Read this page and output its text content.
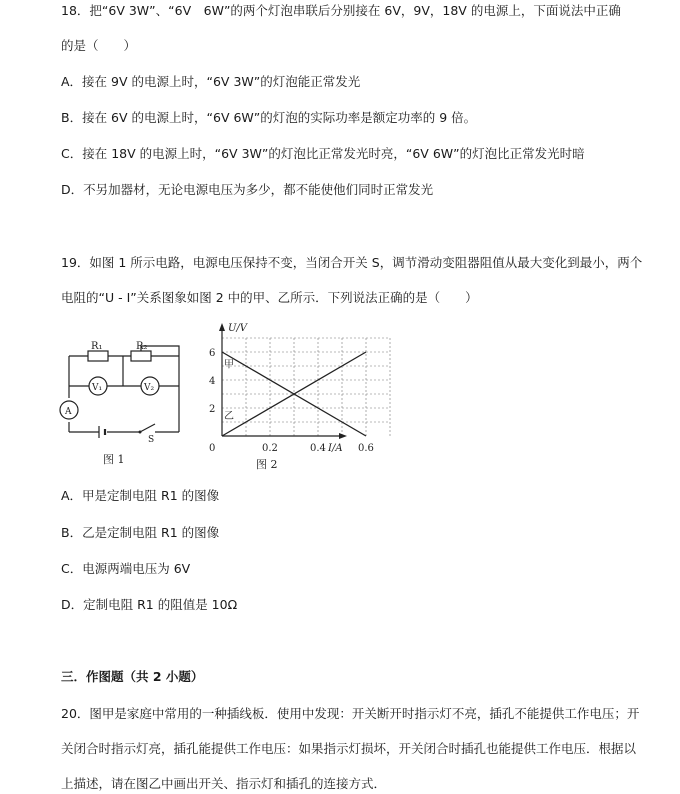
18．把“6V 3W”、“6V　6W”的两个灯泡串联后分别接在 6V，9V，18V 的电源上，下面说法中正确
的是（　　）
A．接在 9V 的电源上时，“6V 3W”的灯泡能正常发光
B．接在 6V 的电源上时，“6V 6W”的灯泡的实际功率是额定功率的 9 倍。
C．接在 18V 的电源上时，“6V 3W”的灯泡比正常发光时亮，“6V 6W”的灯泡比正常发光时暗
D．不另加器材，无论电源电压为多少，都不能使他们同时正常发光
19．如图 1 所示电路，电源电压保持不变，当闭合开关 S，调节滑动变阻器阻值从最大变化到最小，两个
电阻的“U - I”关系图象如图 2 中的甲、乙所示．下列说法正确的是（　　）
R₁	R₂
V₁	V₂
A
S
图 1
2
4
6
0.2	0.4	0.6
U/V
I/A
0
甲
乙
图 2
A．甲是定制电阻 R1 的图像
B．乙是定制电阻 R1 的图像
C．电源两端电压为 6V
D．定制电阻 R1 的阻值是 10Ω
三．作图题（共 2 小题）
20．图甲是家庭中常用的一种插线板．使用中发现：开关断开时指示灯不亮，插孔不能提供工作电压；开
关闭合时指示灯亮，插孔能提供工作电压：如果指示灯损坏，开关闭合时插孔也能提供工作电压．根据以
上描述，请在图乙中画出开关、指示灯和插孔的连接方式．
